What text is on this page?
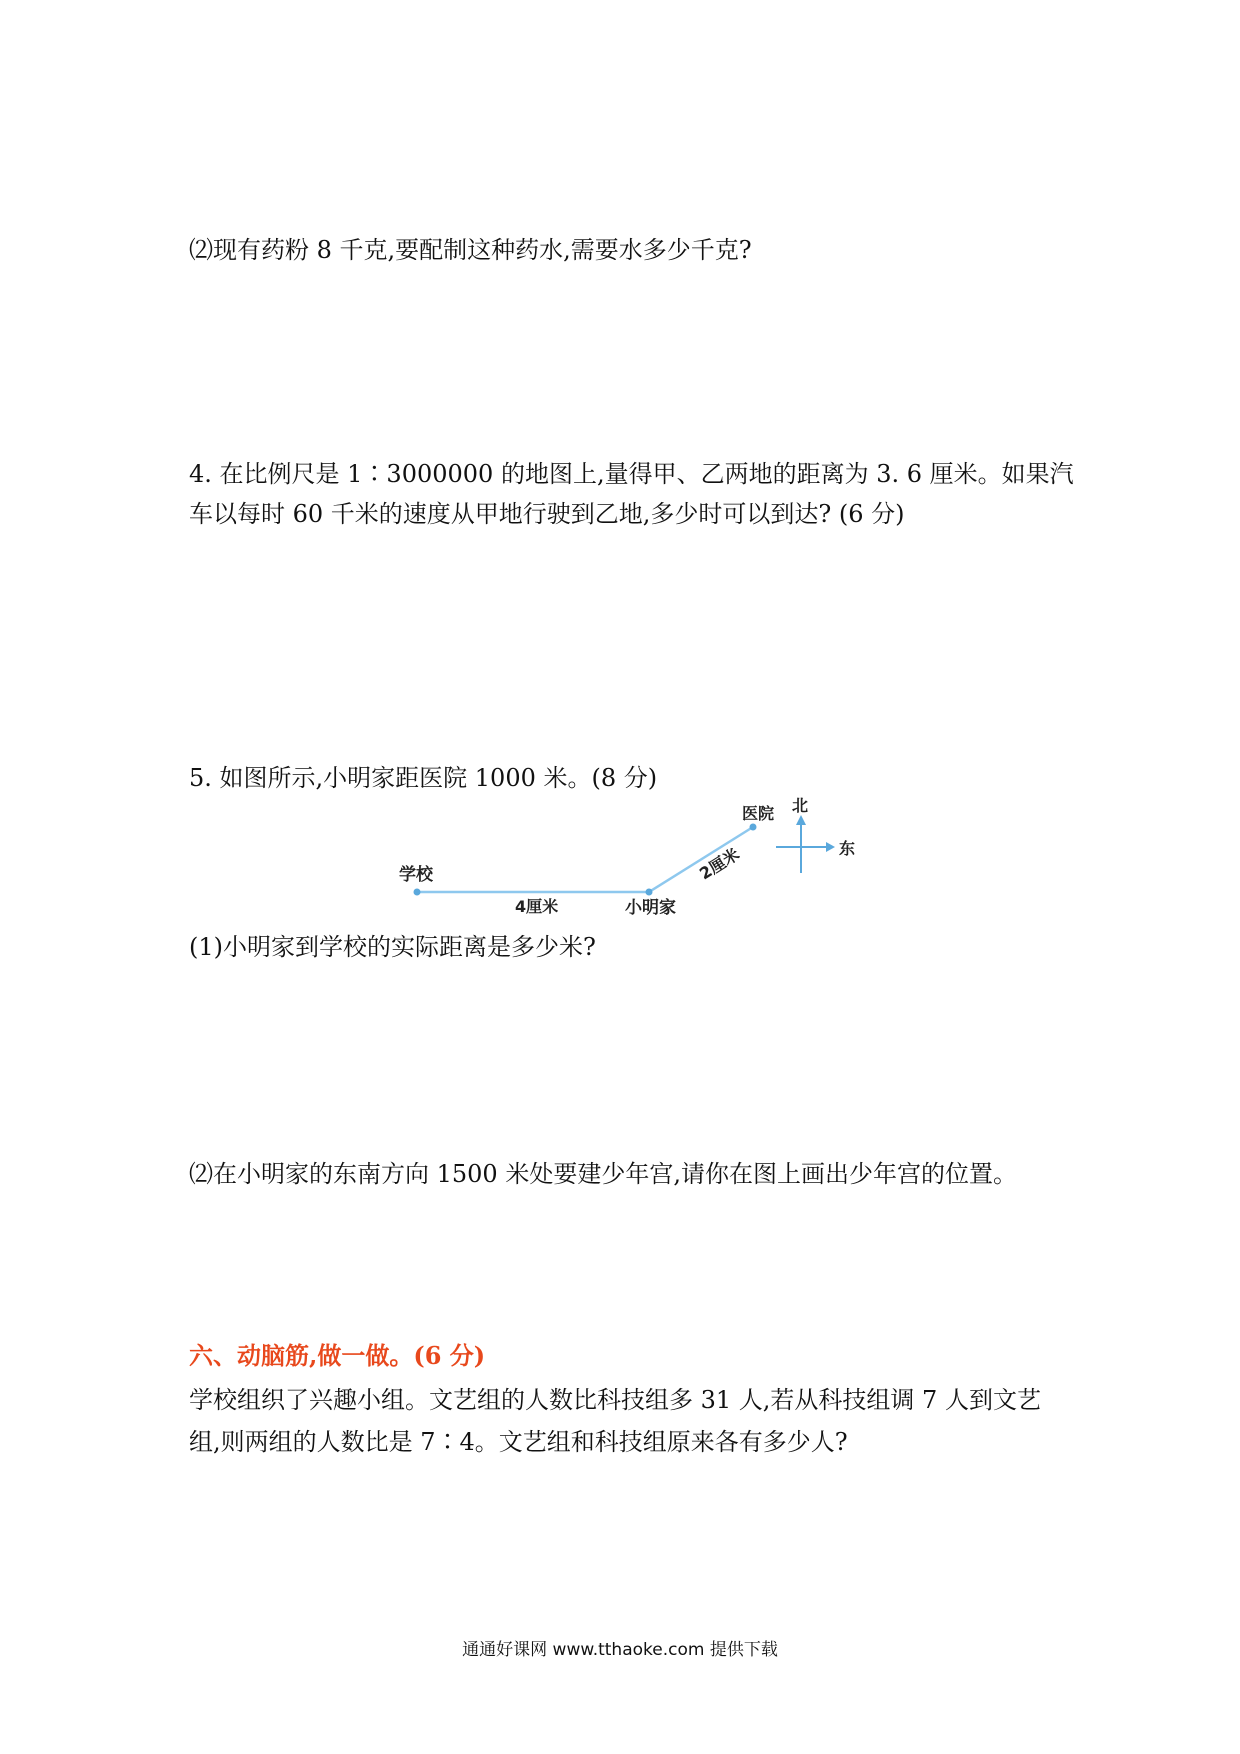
⑵现有药粉 8 千克,要配制这种药水,需要水多少千克?

4. 在比例尺是 1∶3000000 的地图上,量得甲、乙两地的距离为 3. 6 厘米。如果汽

车以每时 60 千米的速度从甲地行驶到乙地,多少时可以到达? (6 分)

5. 如图所示,小明家距医院 1000 米。(8 分)

学校
4厘米	小明家
2厘米
医院 北
东

(1)小明家到学校的实际距离是多少米?

⑵在小明家的东南方向 1500 米处要建少年宫,请你在图上画出少年宫的位置。

六、动脑筋,做一做。(6 分)

学校组织了兴趣小组。文艺组的人数比科技组多 31 人,若从科技组调 7 人到文艺

组,则两组的人数比是 7∶4。文艺组和科技组原来各有多少人?

通通好课网 www.tthaoke.com 提供下载
